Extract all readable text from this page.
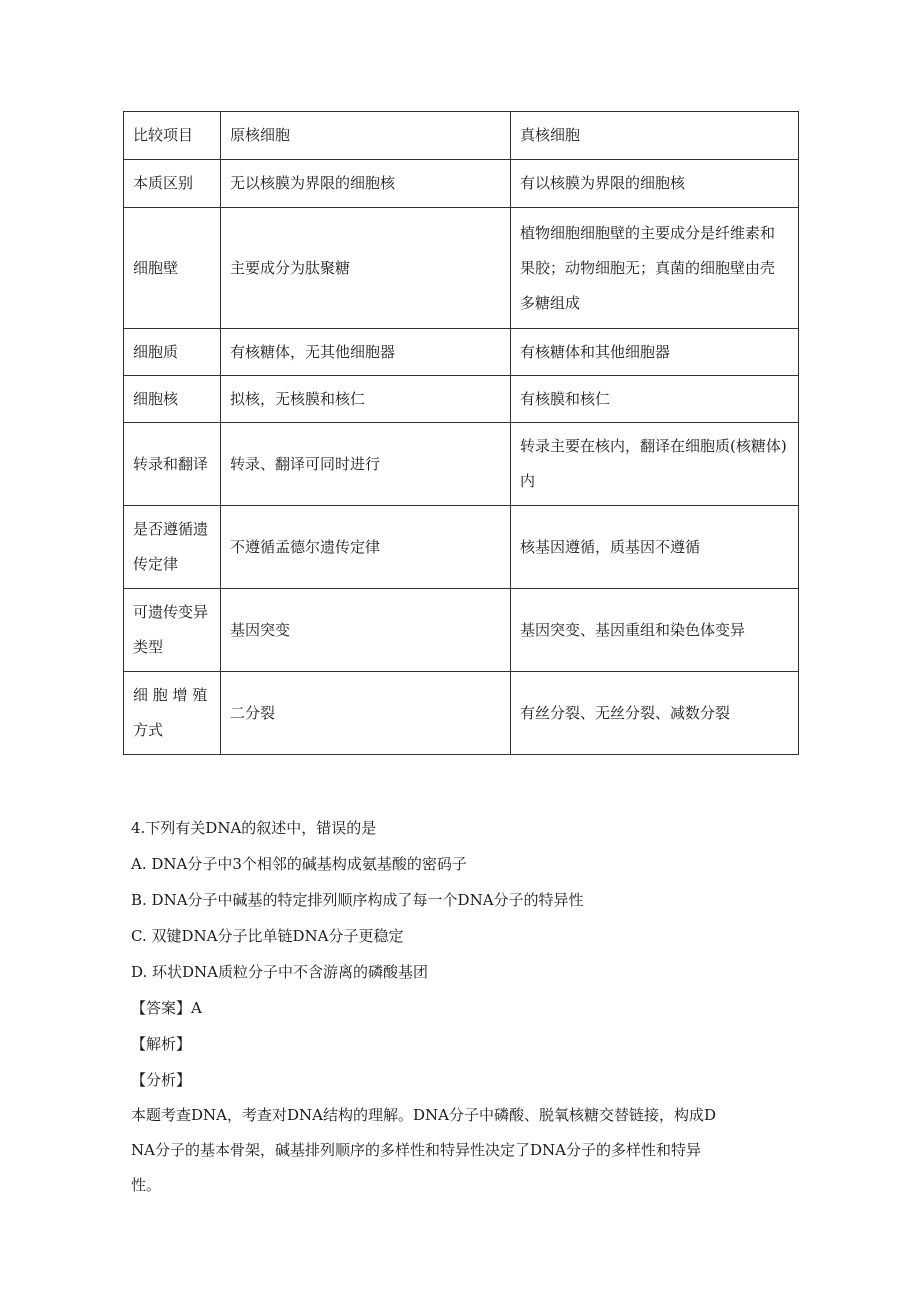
比较项目	原核细胞	真核细胞
本质区别	无以核膜为界限的细胞核	有以核膜为界限的细胞核
细胞壁	主要成分为肽聚糖	植物细胞细胞壁的主要成分是纤维素和果胶；动物细胞无；真菌的细胞壁由壳多糖组成
细胞质	有核糖体，无其他细胞器	有核糖体和其他细胞器
细胞核	拟核，无核膜和核仁	有核膜和核仁
转录和翻译	转录、翻译可同时进行	转录主要在核内，翻译在细胞质(核糖体)内
是否遵循遗传定律	不遵循孟德尔遗传定律	核基因遵循，质基因不遵循
可遗传变异类型	基因突变	基因突变、基因重组和染色体变异
细 胞 增 殖方式	二分裂	有丝分裂、无丝分裂、减数分裂
4.下列有关DNA的叙述中，错误的是
A. DNA分子中3个相邻的碱基构成氨基酸的密码子
B. DNA分子中碱基的特定排列顺序构成了每一个DNA分子的特异性
C. 双键DNA分子比单链DNA分子更稳定
D. 环状DNA质粒分子中不含游离的磷酸基团
【答案】A
【解析】
【分析】
本题考查DNA，考查对DNA结构的理解。DNA分子中磷酸、脱氧核糖交替链接，构成DNA分子的基本骨架，碱基排列顺序的多样性和特异性决定了DNA分子的多样性和特异性。
